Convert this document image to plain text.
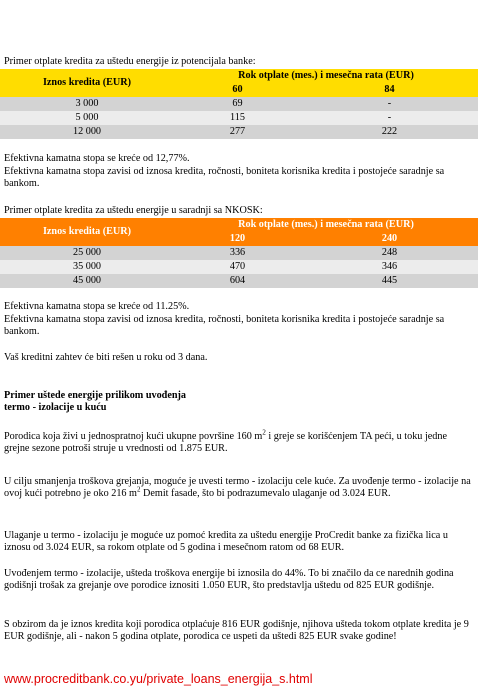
Primer otplate kredita za uštedu energije iz potencijala banke:
Iznos kredita (EUR)	Rok otplate (mes.) i mesečna rata (EUR)	
	60	84
3 000	69	-
5 000	115	-
12 000	277	222
Efektivna kamatna stopa se kreće od 12,77%.
Efektivna kamatna stopa zavisi od iznosa kredita, ročnosti, boniteta korisnika kredita i postojeće saradnje sa bankom.
Primer otplate kredita za uštedu energije u saradnji sa NKOSK:
Iznos kredita (EUR)	Rok otplate (mes.) i mesečna rata (EUR)	
	120	240
25 000	336	248
35 000	470	346
45 000	604	445
Efektivna kamatna stopa se kreće od 11.25%.
Efektivna kamatna stopa zavisi od iznosa kredita, ročnosti, boniteta korisnika kredita i postojeće saradnje sa bankom.
Vaš kreditni zahtev će biti rešen u roku od 3 dana.
Primer uštede energije prilikom uvođenja
termo - izolacije u kuću
Porodica koja živi u jednospratnoj kući ukupne površine 160 $m^2$ i greje se korišćenjem TA peći, u toku jedne grejne sezone potroši struje u vrednosti od 1.875 EUR.
U cilju smanjenja troškova grejanja, moguće je uvesti termo - izolaciju cele kuće. Za uvođenje termo - izolacije na ovoj kući potrebno je oko 216 $m^2$ Demit fasade, što bi podrazumevalo ulaganje od 3.024 EUR.
Ulaganje u termo - izolaciju je moguće uz pomoć kredita za uštedu energije ProCredit banke za fizička lica u iznosu od 3.024 EUR, sa rokom otplate od 5 godina i mesečnom ratom od 68 EUR.
Uvođenjem termo - izolacije, ušteda troškova energije bi iznosila do 44%. To bi značilo da ce narednih godina godišnji trošak za grejanje ove porodice iznositi 1.050 EUR, što predstavlja uštedu od 825 EUR godišnje.
S obzirom da je iznos kredita koji porodica otplaćuje 816 EUR godišnje, njihova ušteda tokom otplate kredita je 9 EUR godišnje, ali - nakon 5 godina otplate, porodica ce uspeti da uštedi 825 EUR svake godine!
www.procreditbank.co.yu/private_loans_energija_s.html
